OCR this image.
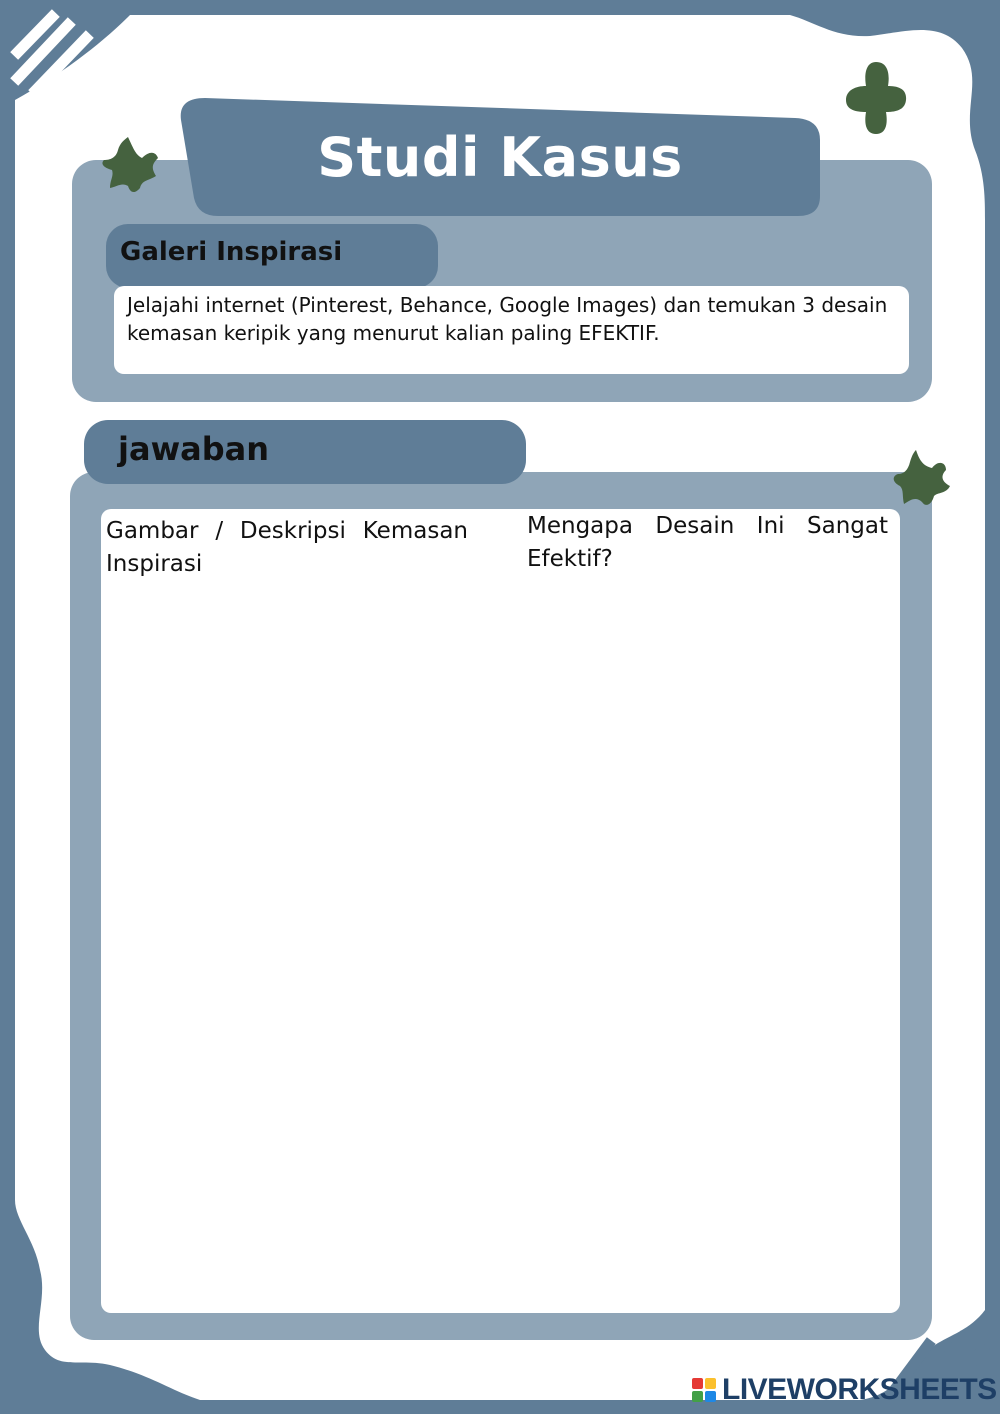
Studi Kasus
Galeri Inspirasi
Jelajahi internet (Pinterest, Behance, Google Images) dan temukan 3 desain kemasan keripik yang menurut kalian paling EFEKTIF.
jawaban
Gambar / Deskripsi Kemasan Inspirasi
Mengapa Desain Ini Sangat Efektif?
LIVEWORKSHEETS
